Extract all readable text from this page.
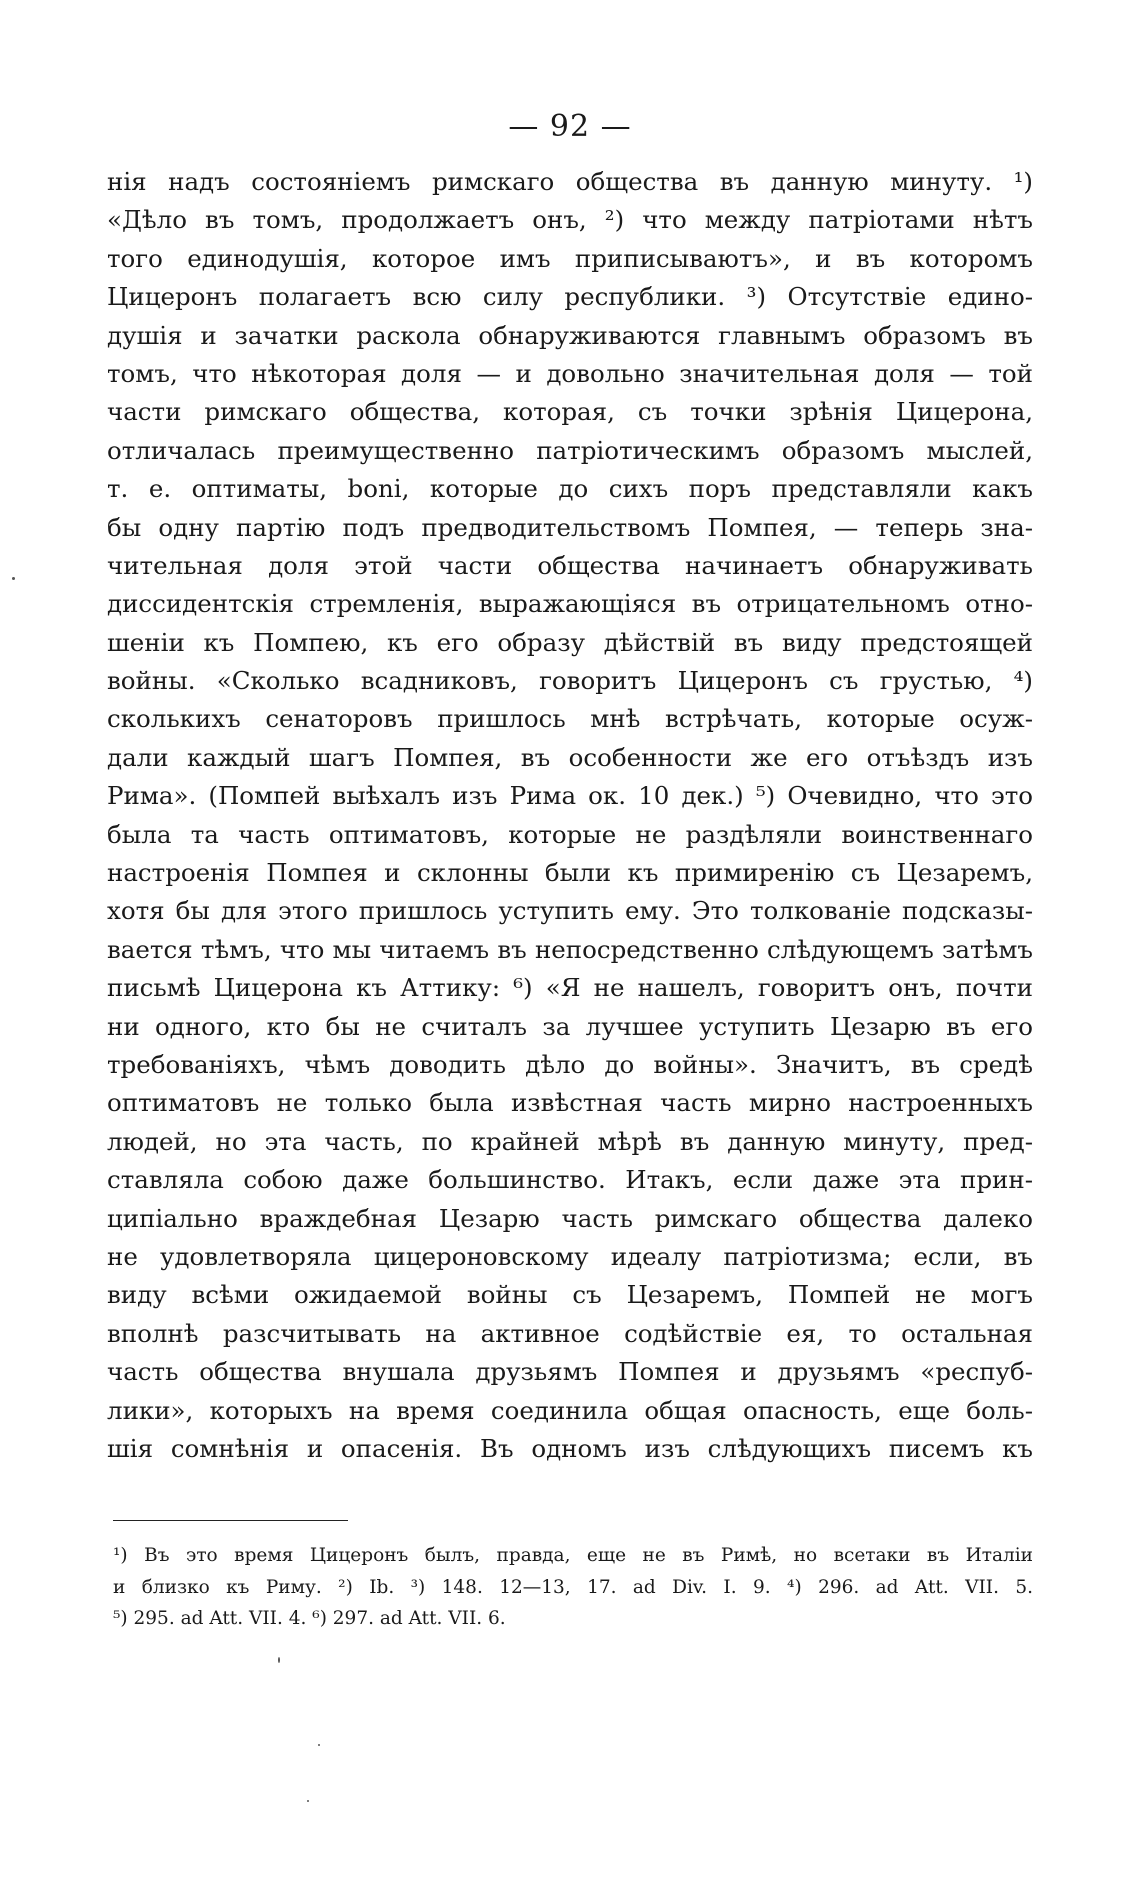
— 92 —
нія надъ состояніемъ римскаго общества въ данную минуту. ¹)
«Дѣло въ томъ, продолжаетъ онъ, ²) что между патріотами нѣтъ
того единодушія, которое имъ приписываютъ», и въ которомъ
Цицеронъ полагаетъ всю силу республики. ³) Отсутствіе едино-
душія и зачатки раскола обнаруживаются главнымъ образомъ въ
томъ, что нѣкоторая доля — и довольно значительная доля — той
части римскаго общества, которая, съ точки зрѣнія Цицерона,
отличалась преимущественно патріотическимъ образомъ мыслей,
т. е. оптиматы, boni, которые до сихъ поръ представляли какъ
бы одну партію подъ предводительствомъ Помпея, — теперь зна-
чительная доля этой части общества начинаетъ обнаруживать
диссидентскія стремленія, выражающіяся въ отрицательномъ отно-
шеніи къ Помпею, къ его образу дѣйствій въ виду предстоящей
войны. «Сколько всадниковъ, говоритъ Цицеронъ съ грустью, ⁴)
сколькихъ сенаторовъ пришлось мнѣ встрѣчать, которые осуж-
дали каждый шагъ Помпея, въ особенности же его отъѣздъ изъ
Рима». (Помпей выѣхалъ изъ Рима ок. 10 дек.) ⁵) Очевидно, что это
была та часть оптиматовъ, которые не раздѣляли воинственнаго
настроенія Помпея и склонны были къ примиренію съ Цезаремъ,
хотя бы для этого пришлось уступить ему. Это толкованіе подсказы-
вается тѣмъ, что мы читаемъ въ непосредственно слѣдующемъ затѣмъ
письмѣ Цицерона къ Аттику: ⁶) «Я не нашелъ, говоритъ онъ, почти
ни одного, кто бы не считалъ за лучшее уступить Цезарю въ его
требованіяхъ, чѣмъ доводить дѣло до войны». Значитъ, въ средѣ
оптиматовъ не только была извѣстная часть мирно настроенныхъ
людей, но эта часть, по крайней мѣрѣ въ данную минуту, пред-
ставляла собою даже большинство. Итакъ, если даже эта прин-
ципіально враждебная Цезарю часть римскаго общества далеко
не удовлетворяла цицероновскому идеалу патріотизма; если, въ
виду всѣми ожидаемой войны съ Цезаремъ, Помпей не могъ
вполнѣ разсчитывать на активное содѣйствіе ея, то остальная
часть общества внушала друзьямъ Помпея и друзьямъ «респуб-
лики», которыхъ на время соединила общая опасность, еще боль-
шія сомнѣнія и опасенія. Въ одномъ изъ слѣдующихъ писемъ къ
¹) Въ это время Цицеронъ былъ, правда, еще не въ Римѣ, но всетаки въ Италіи
и близко къ Риму. ²) Ib. ³) 148. 12—13, 17. ad Div. I. 9. ⁴) 296. ad Att. VII. 5.
⁵) 295. ad Att. VII. 4. ⁶) 297. ad Att. VII. 6.
